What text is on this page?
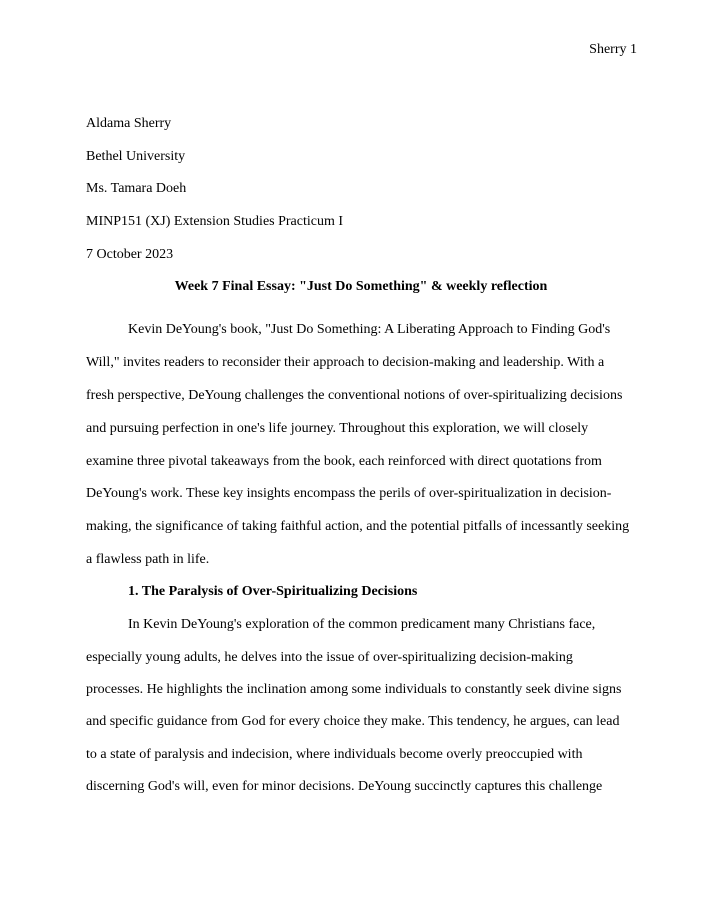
Sherry 1
Aldama Sherry
Bethel University
Ms. Tamara Doeh
MINP151 (XJ) Extension Studies Practicum I
7 October 2023
Week 7 Final Essay: "Just Do Something" & weekly reflection
Kevin DeYoung's book, "Just Do Something: A Liberating Approach to Finding God's
Will," invites readers to reconsider their approach to decision-making and leadership. With a
fresh perspective, DeYoung challenges the conventional notions of over-spiritualizing decisions
and pursuing perfection in one's life journey. Throughout this exploration, we will closely
examine three pivotal takeaways from the book, each reinforced with direct quotations from
DeYoung's work. These key insights encompass the perils of over-spiritualization in decision-
making, the significance of taking faithful action, and the potential pitfalls of incessantly seeking
a flawless path in life.
1. The Paralysis of Over-Spiritualizing Decisions
In Kevin DeYoung's exploration of the common predicament many Christians face,
especially young adults, he delves into the issue of over-spiritualizing decision-making
processes. He highlights the inclination among some individuals to constantly seek divine signs
and specific guidance from God for every choice they make. This tendency, he argues, can lead
to a state of paralysis and indecision, where individuals become overly preoccupied with
discerning God's will, even for minor decisions. DeYoung succinctly captures this challenge
